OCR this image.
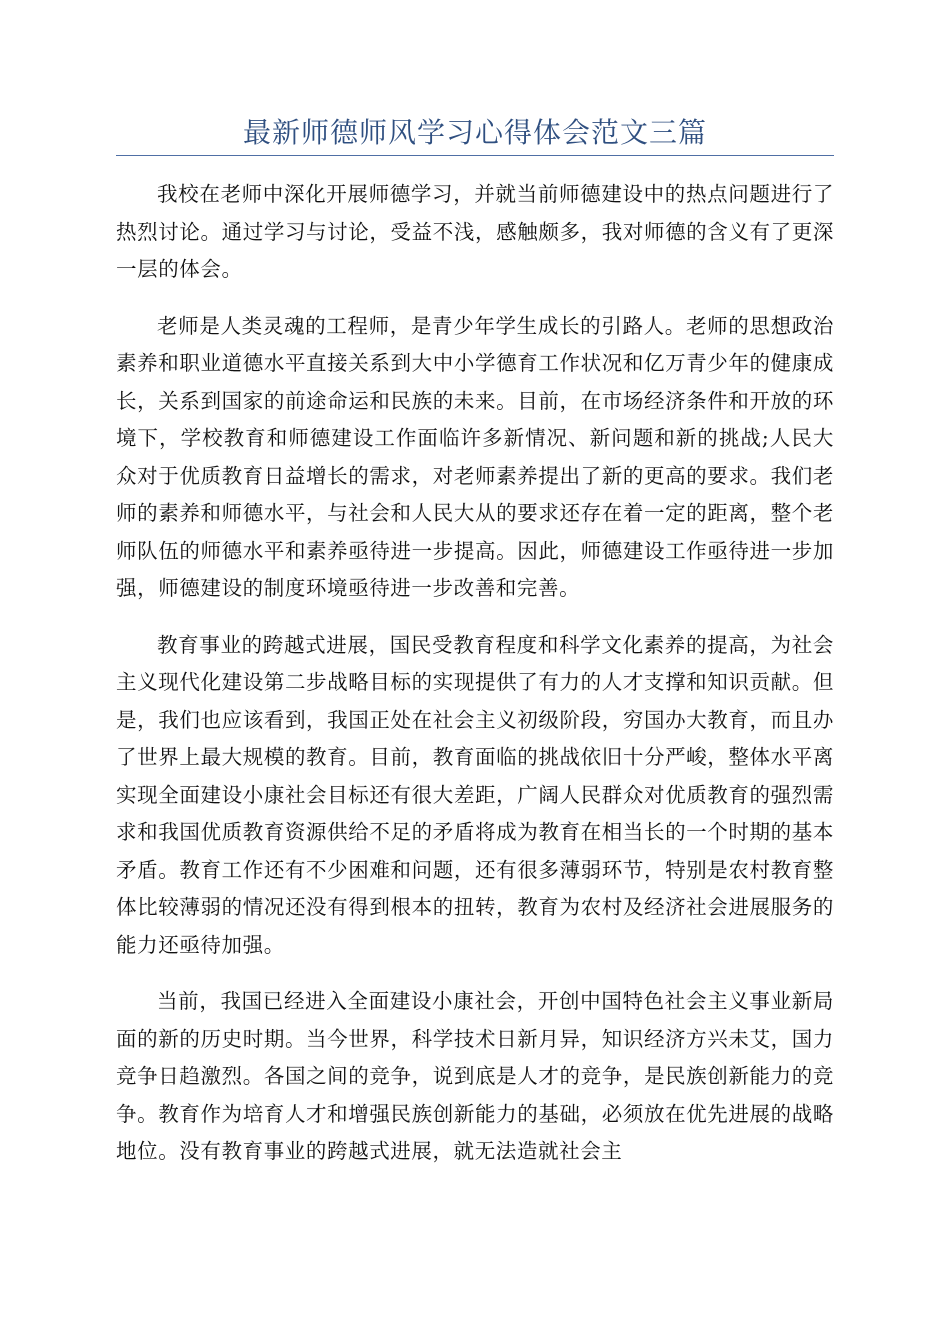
最新师德师风学习心得体会范文三篇

我校在老师中深化开展师德学习，并就当前师德建设中的热点问题进行了热烈讨论。通过学习与讨论，受益不浅，感触颇多，我对师德的含义有了更深一层的体会。

老师是人类灵魂的工程师，是青少年学生成长的引路人。老师的思想政治素养和职业道德水平直接关系到大中小学德育工作状况和亿万青少年的健康成长，关系到国家的前途命运和民族的未来。目前，在市场经济条件和开放的环境下，学校教育和师德建设工作面临许多新情况、新问题和新的挑战;人民大众对于优质教育日益增长的需求，对老师素养提出了新的更高的要求。我们老师的素养和师德水平，与社会和人民大从的要求还存在着一定的距离，整个老师队伍的师德水平和素养亟待进一步提高。因此，师德建设工作亟待进一步加强，师德建设的制度环境亟待进一步改善和完善。

教育事业的跨越式进展，国民受教育程度和科学文化素养的提高，为社会主义现代化建设第二步战略目标的实现提供了有力的人才支撑和知识贡献。但是，我们也应该看到，我国正处在社会主义初级阶段，穷国办大教育，而且办了世界上最大规模的教育。目前，教育面临的挑战依旧十分严峻，整体水平离实现全面建设小康社会目标还有很大差距，广阔人民群众对优质教育的强烈需求和我国优质教育资源供给不足的矛盾将成为教育在相当长的一个时期的基本矛盾。教育工作还有不少困难和问题，还有很多薄弱环节，特别是农村教育整体比较薄弱的情况还没有得到根本的扭转，教育为农村及经济社会进展服务的能力还亟待加强。

当前，我国已经进入全面建设小康社会，开创中国特色社会主义事业新局面的新的历史时期。当今世界，科学技术日新月异，知识经济方兴未艾，国力竞争日趋激烈。各国之间的竞争，说到底是人才的竞争，是民族创新能力的竞争。教育作为培育人才和增强民族创新能力的基础，必须放在优先进展的战略地位。没有教育事业的跨越式进展，就无法造就社会主
